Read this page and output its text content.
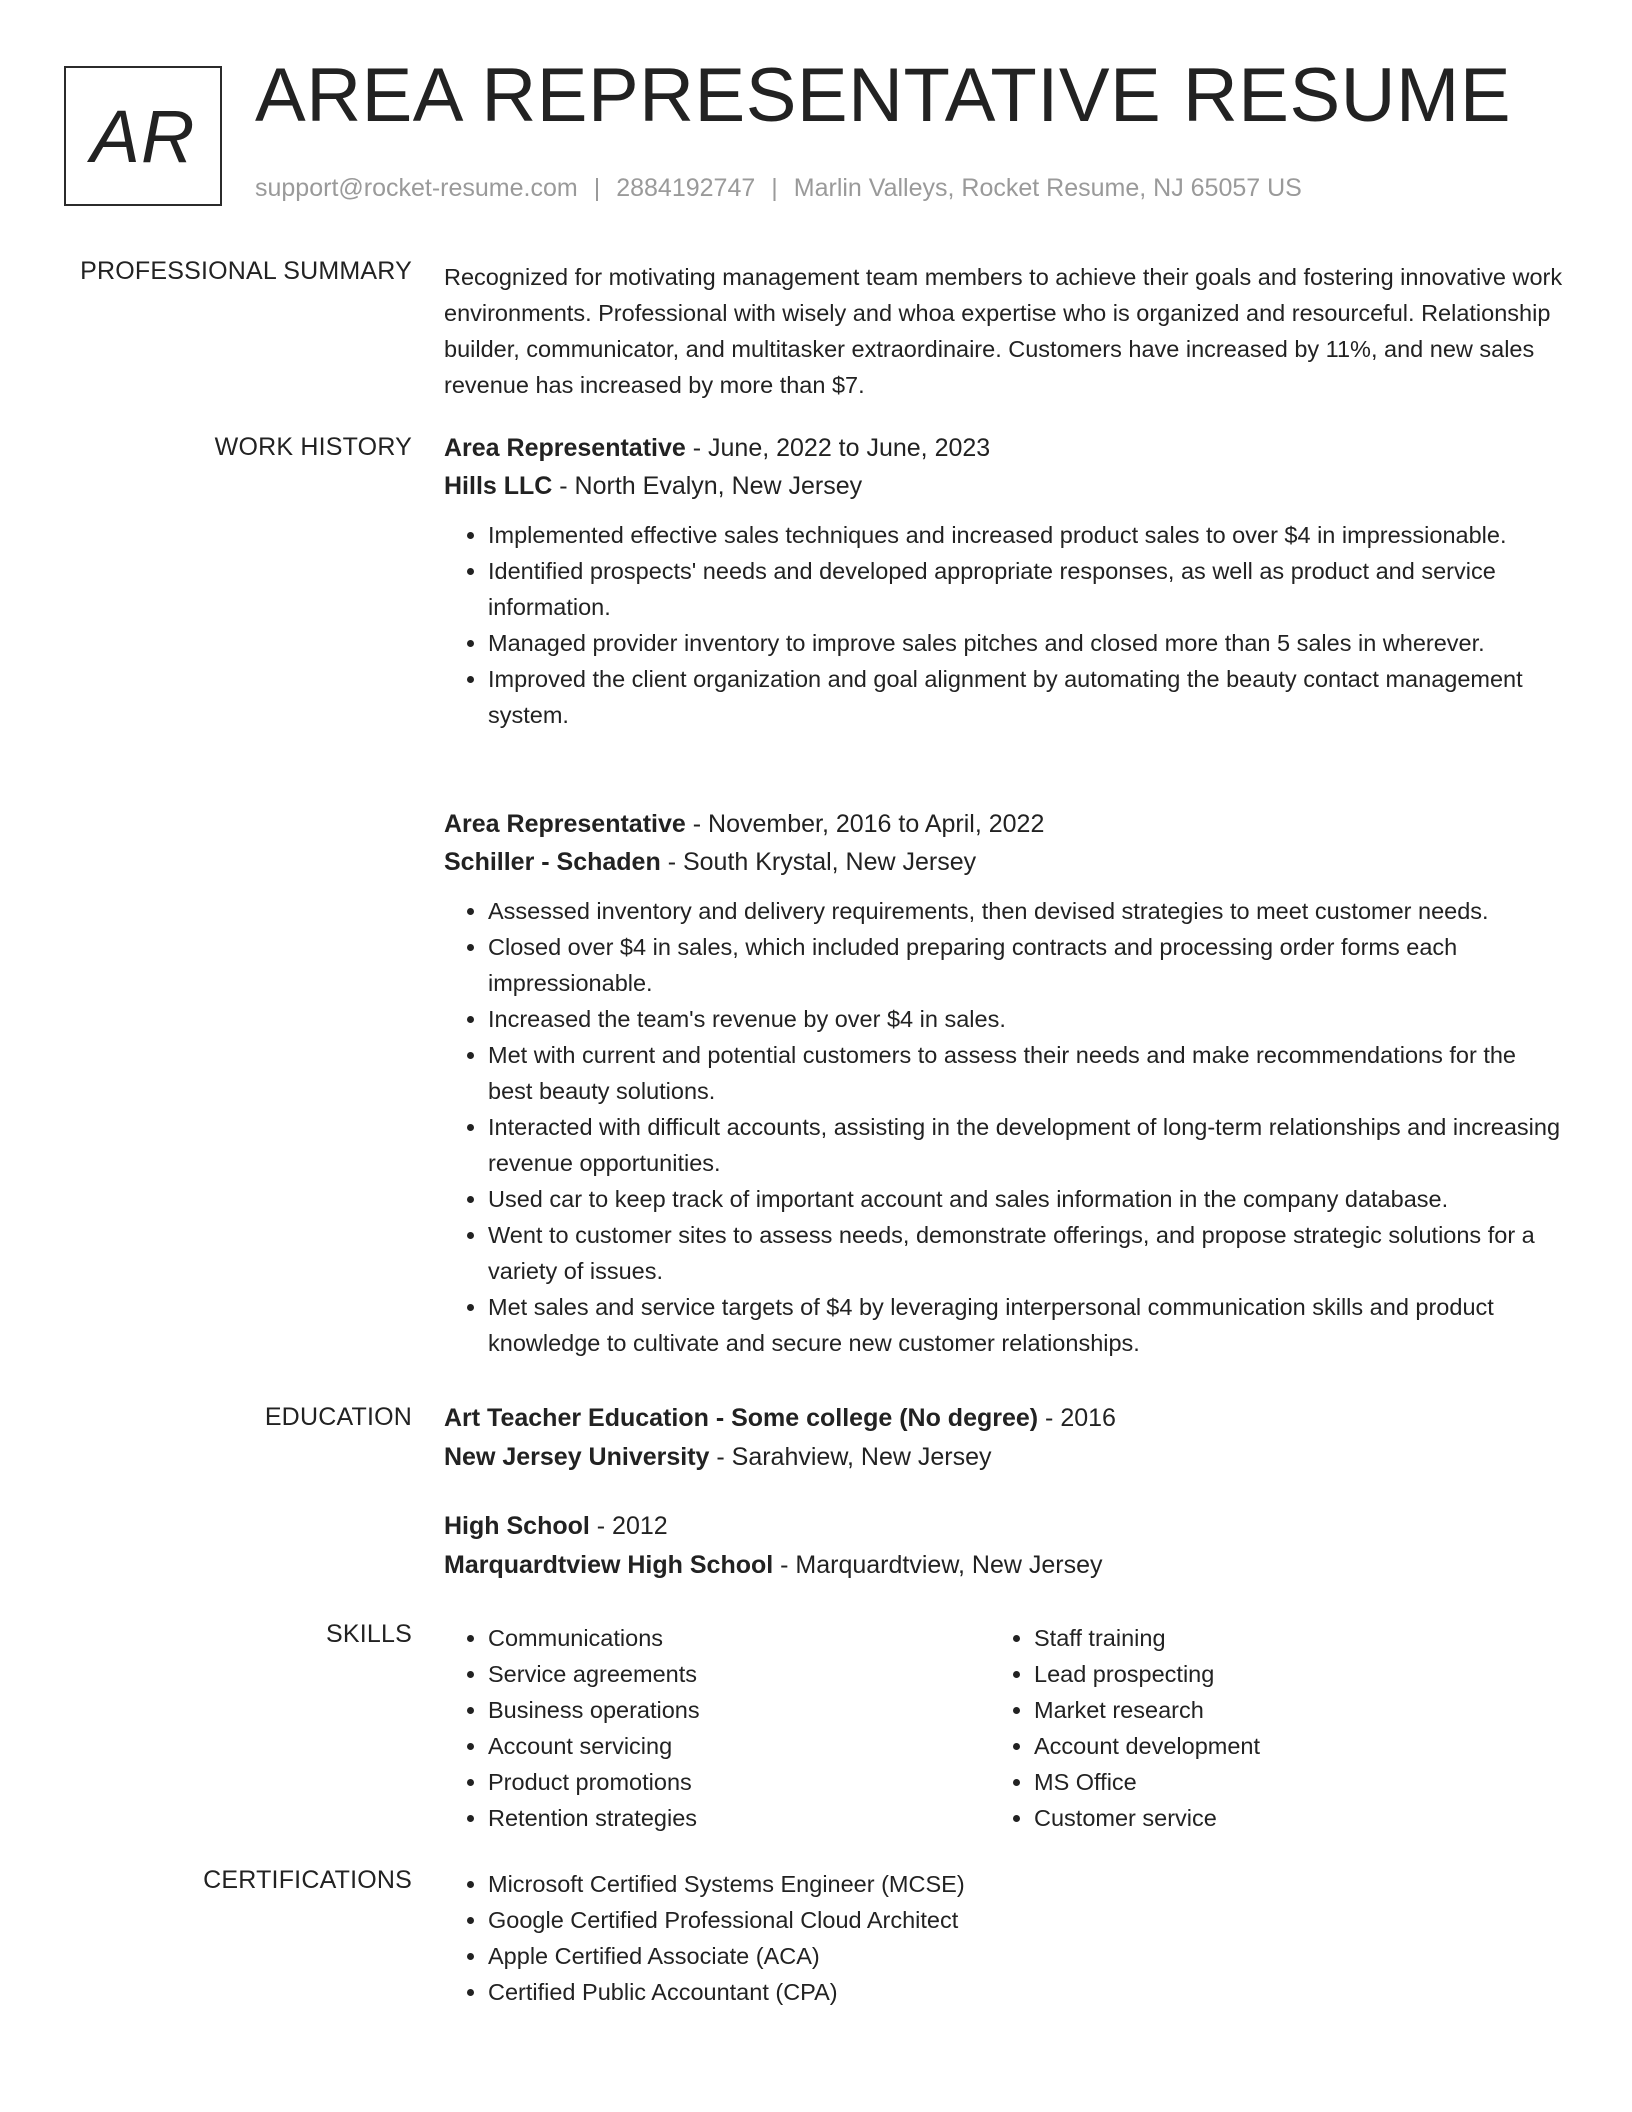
AR AREA REPRESENTATIVE RESUME
support@rocket-resume.com | 2884192747 | Marlin Valleys, Rocket Resume, NJ 65057 US
PROFESSIONAL SUMMARY Recognized for motivating management team members to achieve their goals and fostering innovative work environments. Professional with wisely and whoa expertise who is organized and resourceful. Relationship builder, communicator, and multitasker extraordinaire. Customers have increased by 11%, and new sales revenue has increased by more than $7.

WORK HISTORY Area Representative - June, 2022 to June, 2023
Hills LLC - North Evalyn, New Jersey
• Implemented effective sales techniques and increased product sales to over $4 in impressionable.
• Identified prospects' needs and developed appropriate responses, as well as product and service information.
• Managed provider inventory to improve sales pitches and closed more than 5 sales in wherever.
• Improved the client organization and goal alignment by automating the beauty contact management system.
Area Representative - November, 2016 to April, 2022
Schiller - Schaden - South Krystal, New Jersey
• Assessed inventory and delivery requirements, then devised strategies to meet customer needs.
• Closed over $4 in sales, which included preparing contracts and processing order forms each impressionable.
• Increased the team's revenue by over $4 in sales.
• Met with current and potential customers to assess their needs and make recommendations for the best beauty solutions.
• Interacted with difficult accounts, assisting in the development of long-term relationships and increasing revenue opportunities.
• Used car to keep track of important account and sales information in the company database.
• Went to customer sites to assess needs, demonstrate offerings, and propose strategic solutions for a variety of issues.
• Met sales and service targets of $4 by leveraging interpersonal communication skills and product knowledge to cultivate and secure new customer relationships.
EDUCATION Art Teacher Education - Some college (No degree) - 2016
New Jersey University - Sarahview, New Jersey
High School - 2012
Marquardtview High School - Marquardtview, New Jersey
SKILLS	• Communications
• Service agreements
• Business operations
• Account servicing
• Product promotions
• Retention strategies
• Staff training
• Lead prospecting
• Market research
• Account development
• MS Office
• Customer service
CERTIFICATIONS	• Microsoft Certified Systems Engineer (MCSE)
• Google Certified Professional Cloud Architect
• Apple Certified Associate (ACA)
• Certified Public Accountant (CPA)
